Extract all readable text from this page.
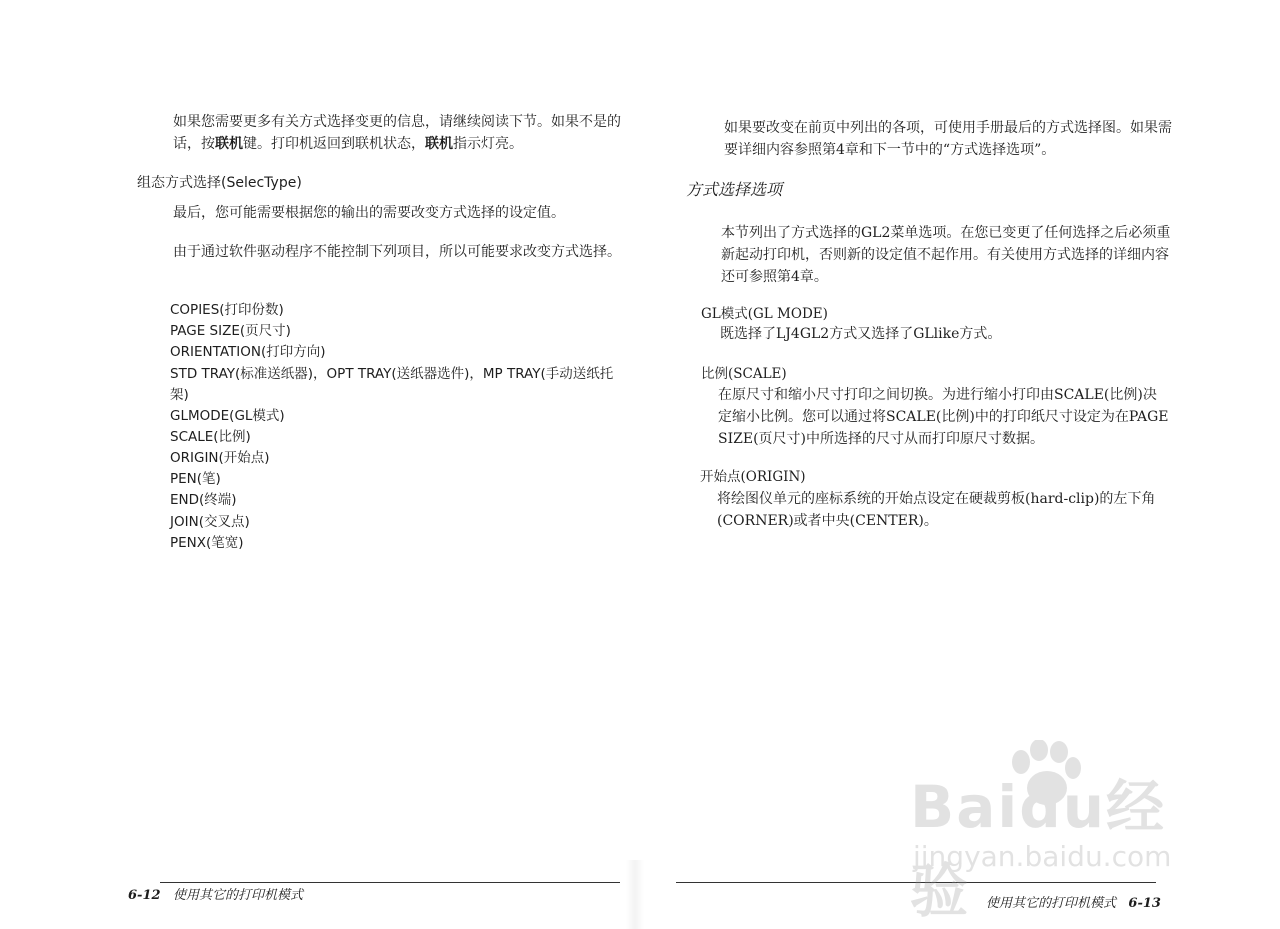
如果您需要更多有关方式选择变更的信息，请继续阅读下节。如果不是的话，按联机键。打印机返回到联机状态，联机指示灯亮。

组态方式选择(SelecType)

最后，您可能需要根据您的输出的需要改变方式选择的设定值。

由于通过软件驱动程序不能控制下列项目，所以可能要求改变方式选择。

COPIES(打印份数)
PAGE SIZE(页尺寸)
ORIENTATION(打印方向)
STD TRAY(标准送纸器)，OPT TRAY(送纸器选件)，MP TRAY(手动送纸托架)
GLMODE(GL模式)
SCALE(比例)
ORIGIN(开始点)
PEN(笔)
END(终端)
JOIN(交叉点)
PENX(笔宽)
6-12 使用其它的打印机模式

如果要改变在前页中列出的各项，可使用手册最后的方式选择图。如果需要详细内容参照第4章和下一节中的“方式选择选项”。

方式选择选项

本节列出了方式选择的GL2菜单选项。在您已变更了任何选择之后必须重新起动打印机，否则新的设定值不起作用。有关使用方式选择的详细内容还可参照第4章。

GL模式(GL MODE)

既选择了LJ4GL2方式又选择了GLlike方式。

比例(SCALE)

在原尺寸和缩小尺寸打印之间切换。为进行缩小打印由SCALE(比例)决定缩小比例。您可以通过将SCALE(比例)中的打印纸尺寸设定为在PAGE SIZE(页尺寸)中所选择的尺寸从而打印原尺寸数据。

开始点(ORIGIN)

将绘图仪单元的座标系统的开始点设定在硬裁剪板(hard-clip)的左下角(CORNER)或者中央(CENTER)。

使用其它的打印机模式 6-13
Baidu经验
jingyan.baidu.com
